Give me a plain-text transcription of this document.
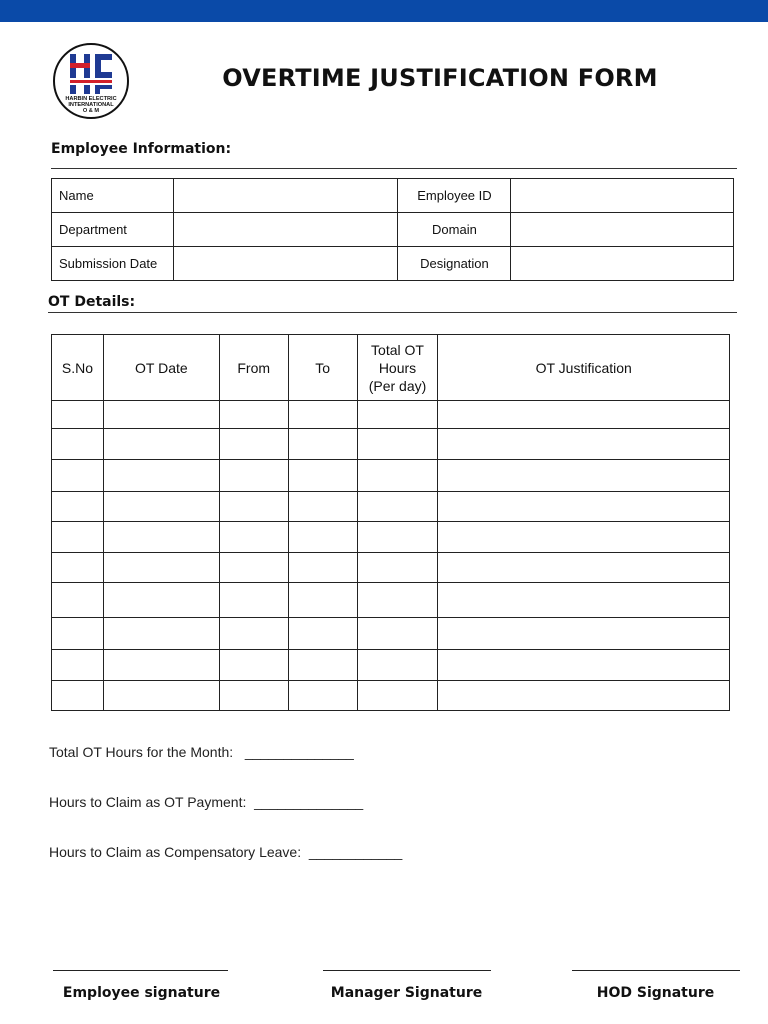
HARBIN ELECTRIC
INTERNATIONAL
O & M
OVERTIME JUSTIFICATION FORM
Employee Information:
Name		Employee ID	
Department		Domain	
Submission Date		Designation	
OT Details:
S.No	OT Date	From	To	Total OT
Hours
(Per day)	OT Justification

Total OT Hours for the Month:   ______________
Hours to Claim as OT Payment:  ______________
Hours to Claim as Compensatory Leave:  ____________
Employee signature	Manager Signature	HOD Signature
